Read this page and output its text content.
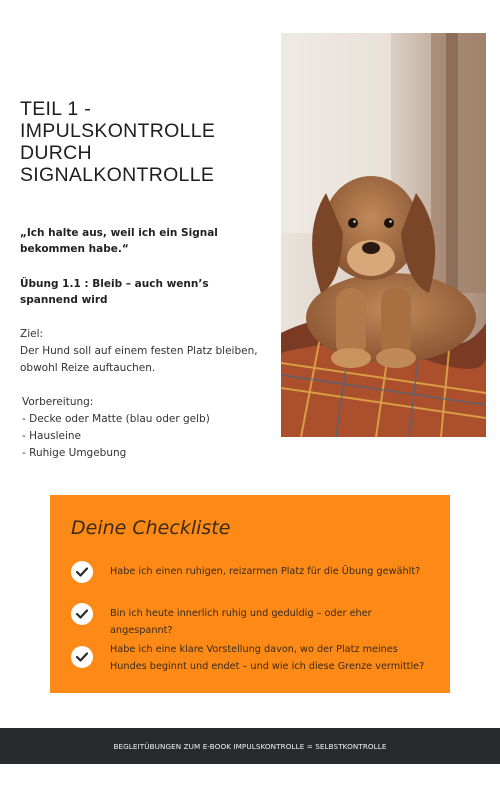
TEIL 1 - IMPULSKONTROLLE DURCH SIGNALKONTROLLE
„Ich halte aus, weil ich ein Signal bekommen habe.“
Übung 1.1 : Bleib – auch wenn’s spannend wird
Ziel:
Der Hund soll auf einem festen Platz bleiben, obwohl Reize auftauchen.
Vorbereitung:
- Decke oder Matte (blau oder gelb)
- Hausleine
- Ruhige Umgebung
Deine Checkliste
Habe ich einen ruhigen, reizarmen Platz für die Übung gewählt?
Bin ich heute innerlich ruhig und geduldig – oder eher angespannt?
Habe ich eine klare Vorstellung davon, wo der Platz meines Hundes beginnt und endet – und wie ich diese Grenze vermittle?
BEGLEITÜBUNGEN ZUM E-BOOK IMPULSKONTROLLE = SELBSTKONTROLLE
